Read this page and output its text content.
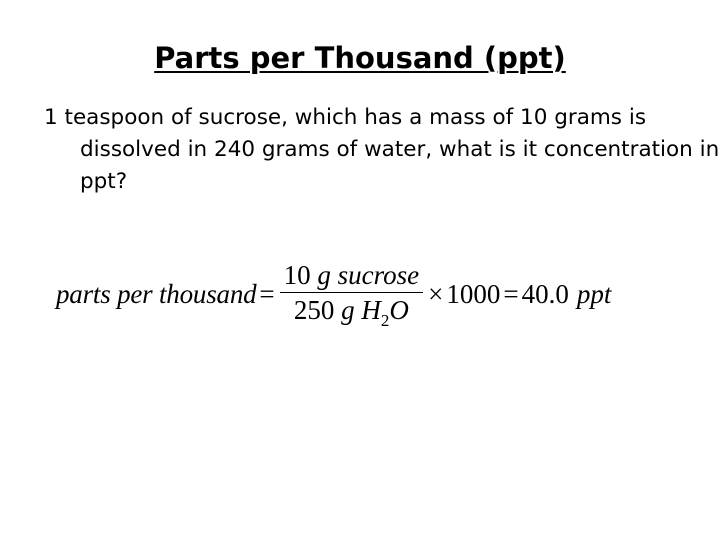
Parts per Thousand (ppt)
1 teaspoon of sucrose, which has a mass of 10 grams is dissolved in 240 grams of water, what is it concentration in ppt?
parts per thousand = $\frac{\text{10 g sucrose}}{250 g H_2O} \times 1000 = 40.0$ ppt
